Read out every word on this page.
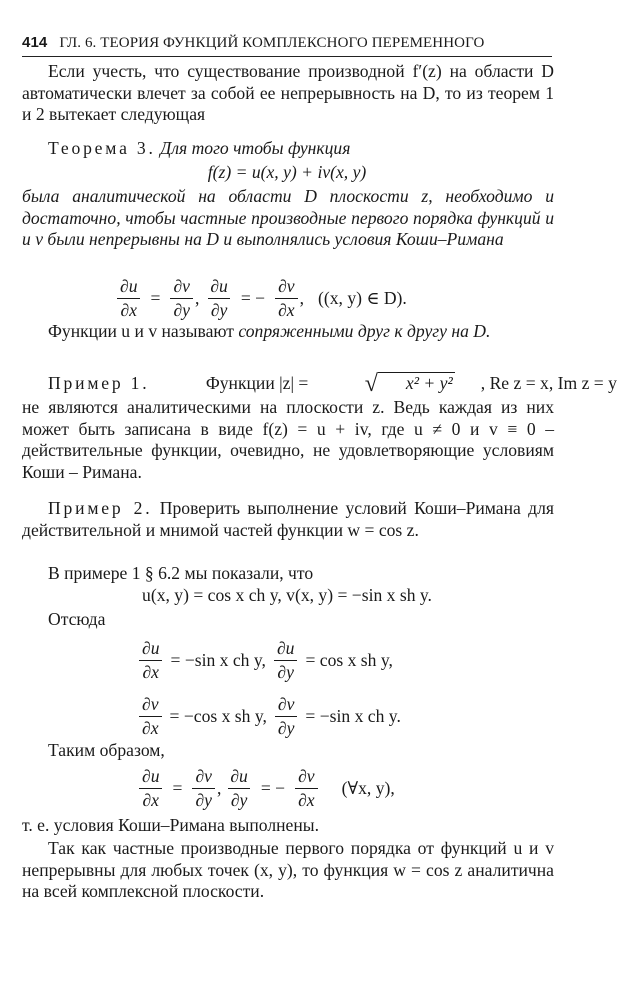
414 ГЛ. 6. ТЕОРИЯ ФУНКЦИЙ КОМПЛЕКСНОГО ПЕРЕМЕННОГО
Если учесть, что существование производной f′(z) на области D автоматически влечет за собой ее непрерывность на D, то из теорем 1 и 2 вытекает следующая
Теорема 3. Для того чтобы функция
f(z) = u(x, y) + iv(x, y)
была аналитической на области D плоскости z, необходимо и достаточно, чтобы частные производные первого порядка функций u и v были непрерывны на D и выполнялись условия Коши–Римана
$\frac{\partial u}{\partial x} = \frac{\partial v}{\partial y}$ , $\frac{\partial u}{\partial y}$ = − $\frac{\partial v}{\partial x}$ , ((x, y) ∈ D).
Функции u и v называют сопряженными друг к другу на D.
Пример 1.
	Функции |z| =
	√	x² + y²	, Re z = x, Im z = y
не являются аналитическими на плоскости z. Ведь каждая из них может быть записана в виде f(z) = u + iv, где u ≠ 0 и v ≡ 0 – действительные функции, очевидно, не удовлетворяющие условиям Коши – Римана.
Пример 2. Проверить выполнение условий Коши–Римана для действительной и мнимой частей функции w = cos z.
В примере 1 § 6.2 мы показали, что
u(x, y) = cos x ch y, v(x, y) = −sin x sh y.
Отсюда
$\frac{\partial u}{\partial x} = -\sin$ x ch y, $\frac{\partial u}{\partial y} = \cos x$ sh y,
$\frac{\partial v}{\partial x} = -\cos$ x sh y, $\frac{\partial v}{\partial y} = -\sin$ x ch y.
Таким образом,
$\frac{\partial u}{\partial x} = \frac{\partial v}{\partial y}$ , $\frac{\partial u}{\partial y}$ = − $\frac{\partial v}{\partial x}$ (∀x, y),
т. е. условия Коши–Римана выполнены.
Так как частные производные первого порядка от функций u и v непрерывны для любых точек (x, y), то функция w = cos z аналитична на всей комплексной плоскости.
